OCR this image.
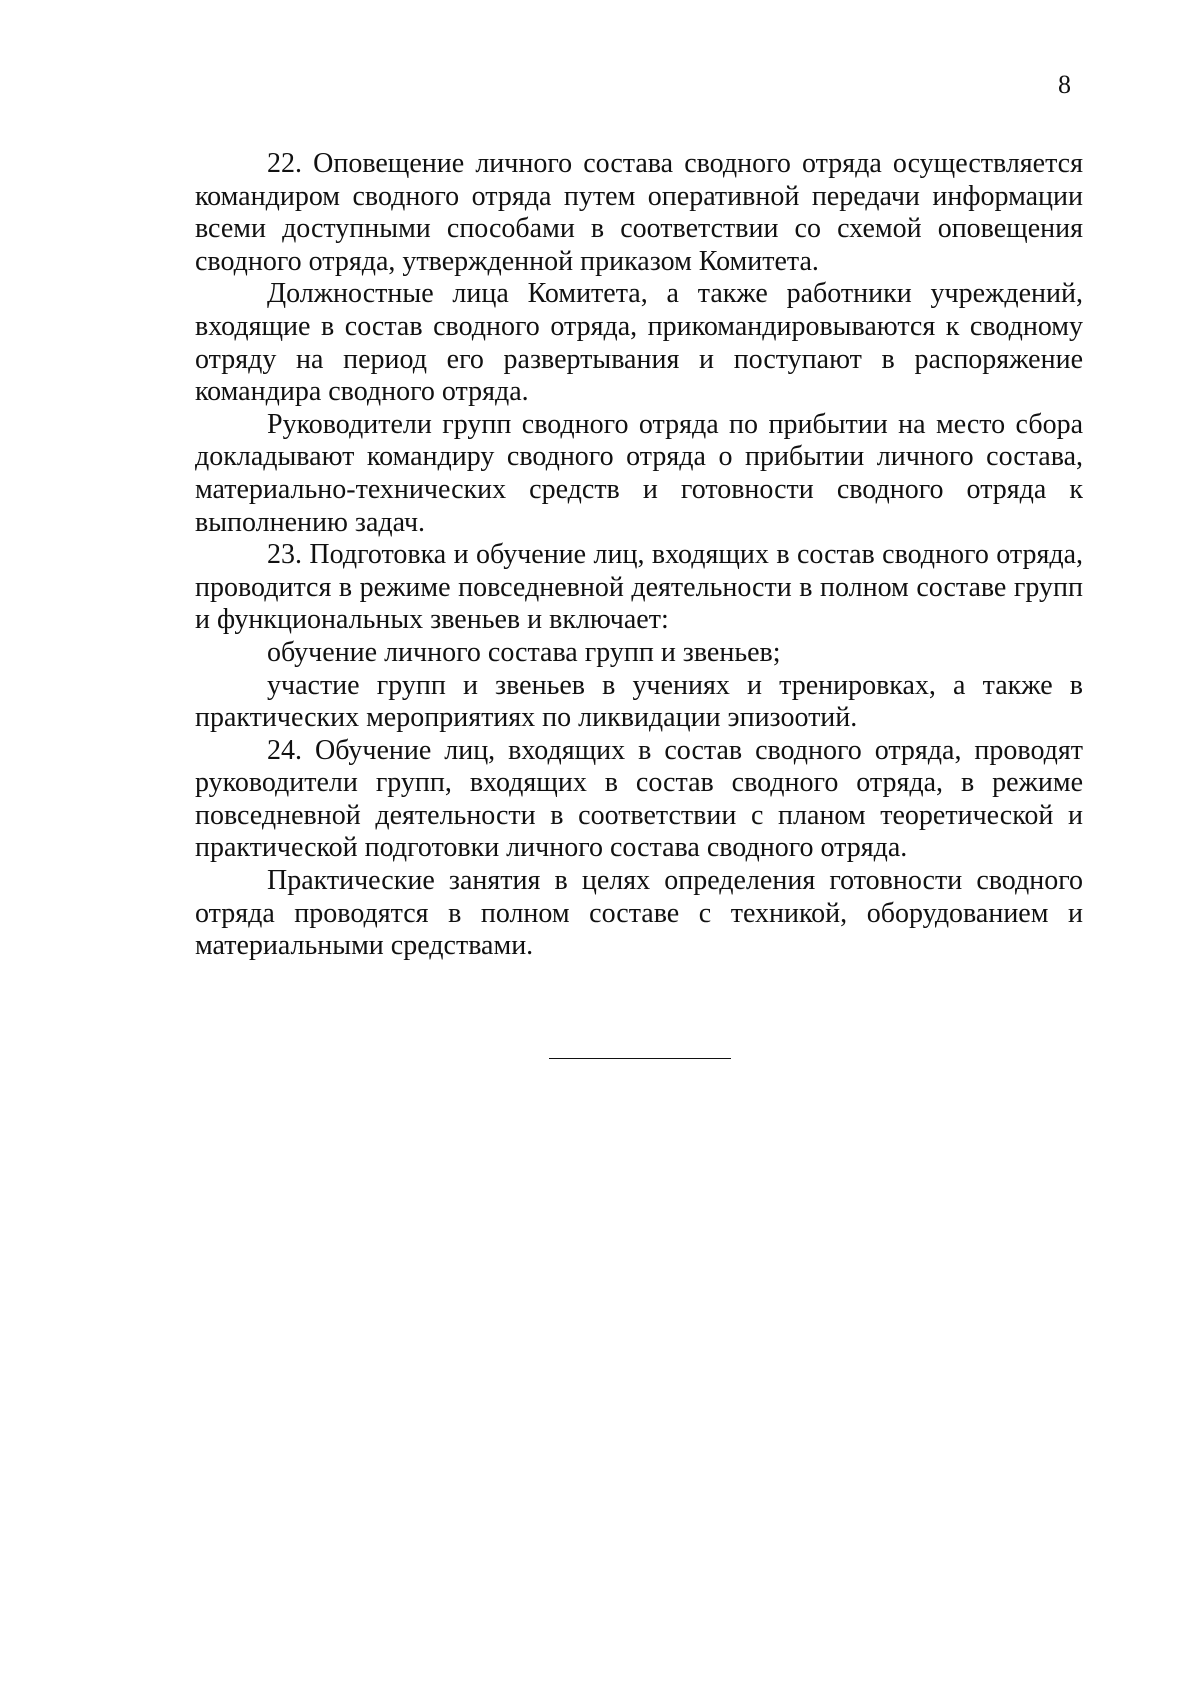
8

22. Оповещение личного состава сводного отряда осуществляется командиром сводного отряда путем оперативной передачи информации всеми доступными способами в соответствии со схемой оповещения сводного отряда, утвержденной приказом Комитета.

Должностные лица Комитета, а также работники учреждений, входящие в состав сводного отряда, прикомандировываются к сводному отряду на период его развертывания и поступают в распоряжение командира сводного отряда.

Руководители групп сводного отряда по прибытии на место сбора докладывают командиру сводного отряда о прибытии личного состава, материально-технических средств и готовности сводного отряда к выполнению задач.

23. Подготовка и обучение лиц, входящих в состав сводного отряда, проводится в режиме повседневной деятельности в полном составе групп и функциональных звеньев и включает:

обучение личного состава групп и звеньев;

участие групп и звеньев в учениях и тренировках, а также в практических мероприятиях по ликвидации эпизоотий.

24. Обучение лиц, входящих в состав сводного отряда, проводят руководители групп, входящих в состав сводного отряда, в режиме повседневной деятельности в соответствии с планом теоретической и практической подготовки личного состава сводного отряда.

Практические занятия в целях определения готовности сводного отряда проводятся в полном составе с техникой, оборудованием и материальными средствами.
